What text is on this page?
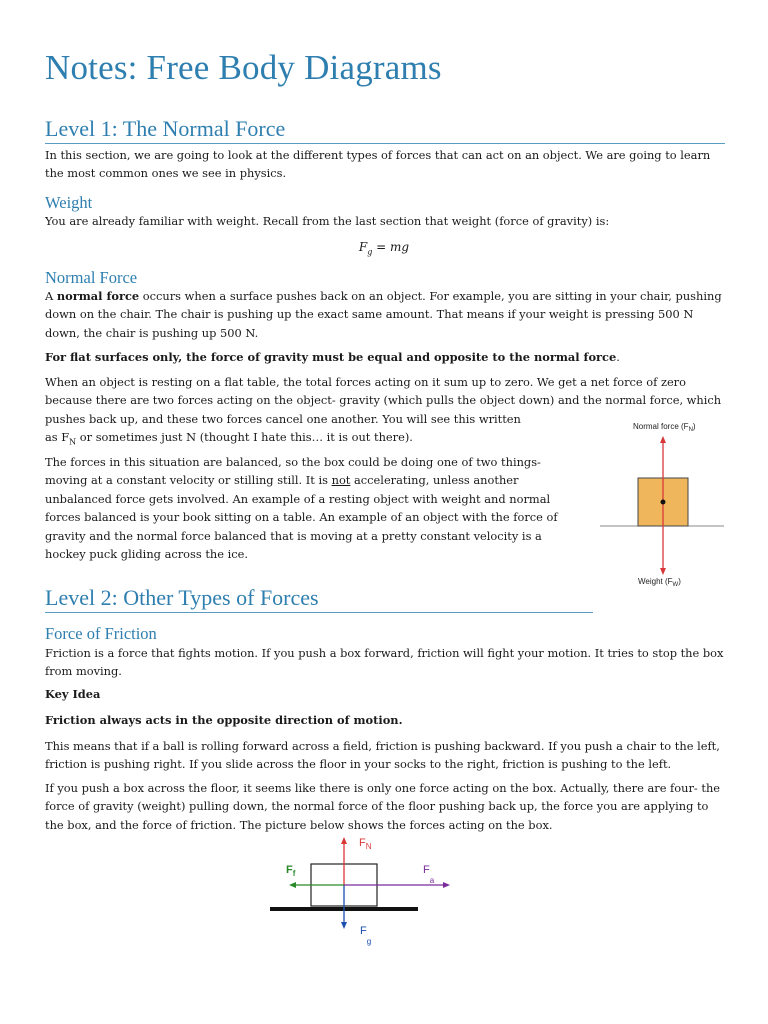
Notes: Free Body Diagrams
Level 1: The Normal Force

In this section, we are going to look at the different types of forces that can act on an object. We are going to learn the most common ones we see in physics.

Weight

You are already familiar with weight. Recall from the last section that weight (force of gravity) is:

$F_g$ = mg
Normal Force

A normal force occurs when a surface pushes back on an object. For example, you are sitting in your chair, pushing down on the chair. The chair is pushing up the exact same amount. That means if your weight is pressing 500 N down, the chair is pushing up 500 N.

For flat surfaces only, the force of gravity must be equal and opposite to the normal force.

When an object is resting on a flat table, the total forces acting on it sum up to zero. We get a net force of zero because there are two forces acting on the object- gravity (which pulls the object down) and the normal force, which pushes back up, and these two forces cancel one another. You will see this written

as $F_N$ or sometimes just N (thought I hate this… it is out there).

The forces in this situation are balanced, so the box could be doing one of two things- moving at a constant velocity or stilling still. It is not accelerating, unless another unbalanced force gets involved. An example of a resting object with weight and normal forces balanced is your book sitting on a table. An example of an object with the force of gravity and the normal force balanced that is moving at a pretty constant velocity is a hockey puck gliding across the ice.

Normal force $(F_N)$
Weight $(F_W)$
Level 2: Other Types of Forces
Force of Friction

Friction is a force that fights motion. If you push a box forward, friction will fight your motion. It tries to stop the box from moving.

Key Idea

Friction always acts in the opposite direction of motion.

This means that if a ball is rolling forward across a field, friction is pushing backward. If you push a chair to the left, friction is pushing right. If you slide across the floor in your socks to the right, friction is pushing to the left.

If you push a box across the floor, it seems like there is only one force acting on the box. Actually, there are four- the force of gravity (weight) pulling down, the normal force of the floor pushing back up, the force you are applying to the box, and the force of friction. The picture below shows the forces acting on the box.

$F_N$
$F_g$
$F_f$	$F_a$
